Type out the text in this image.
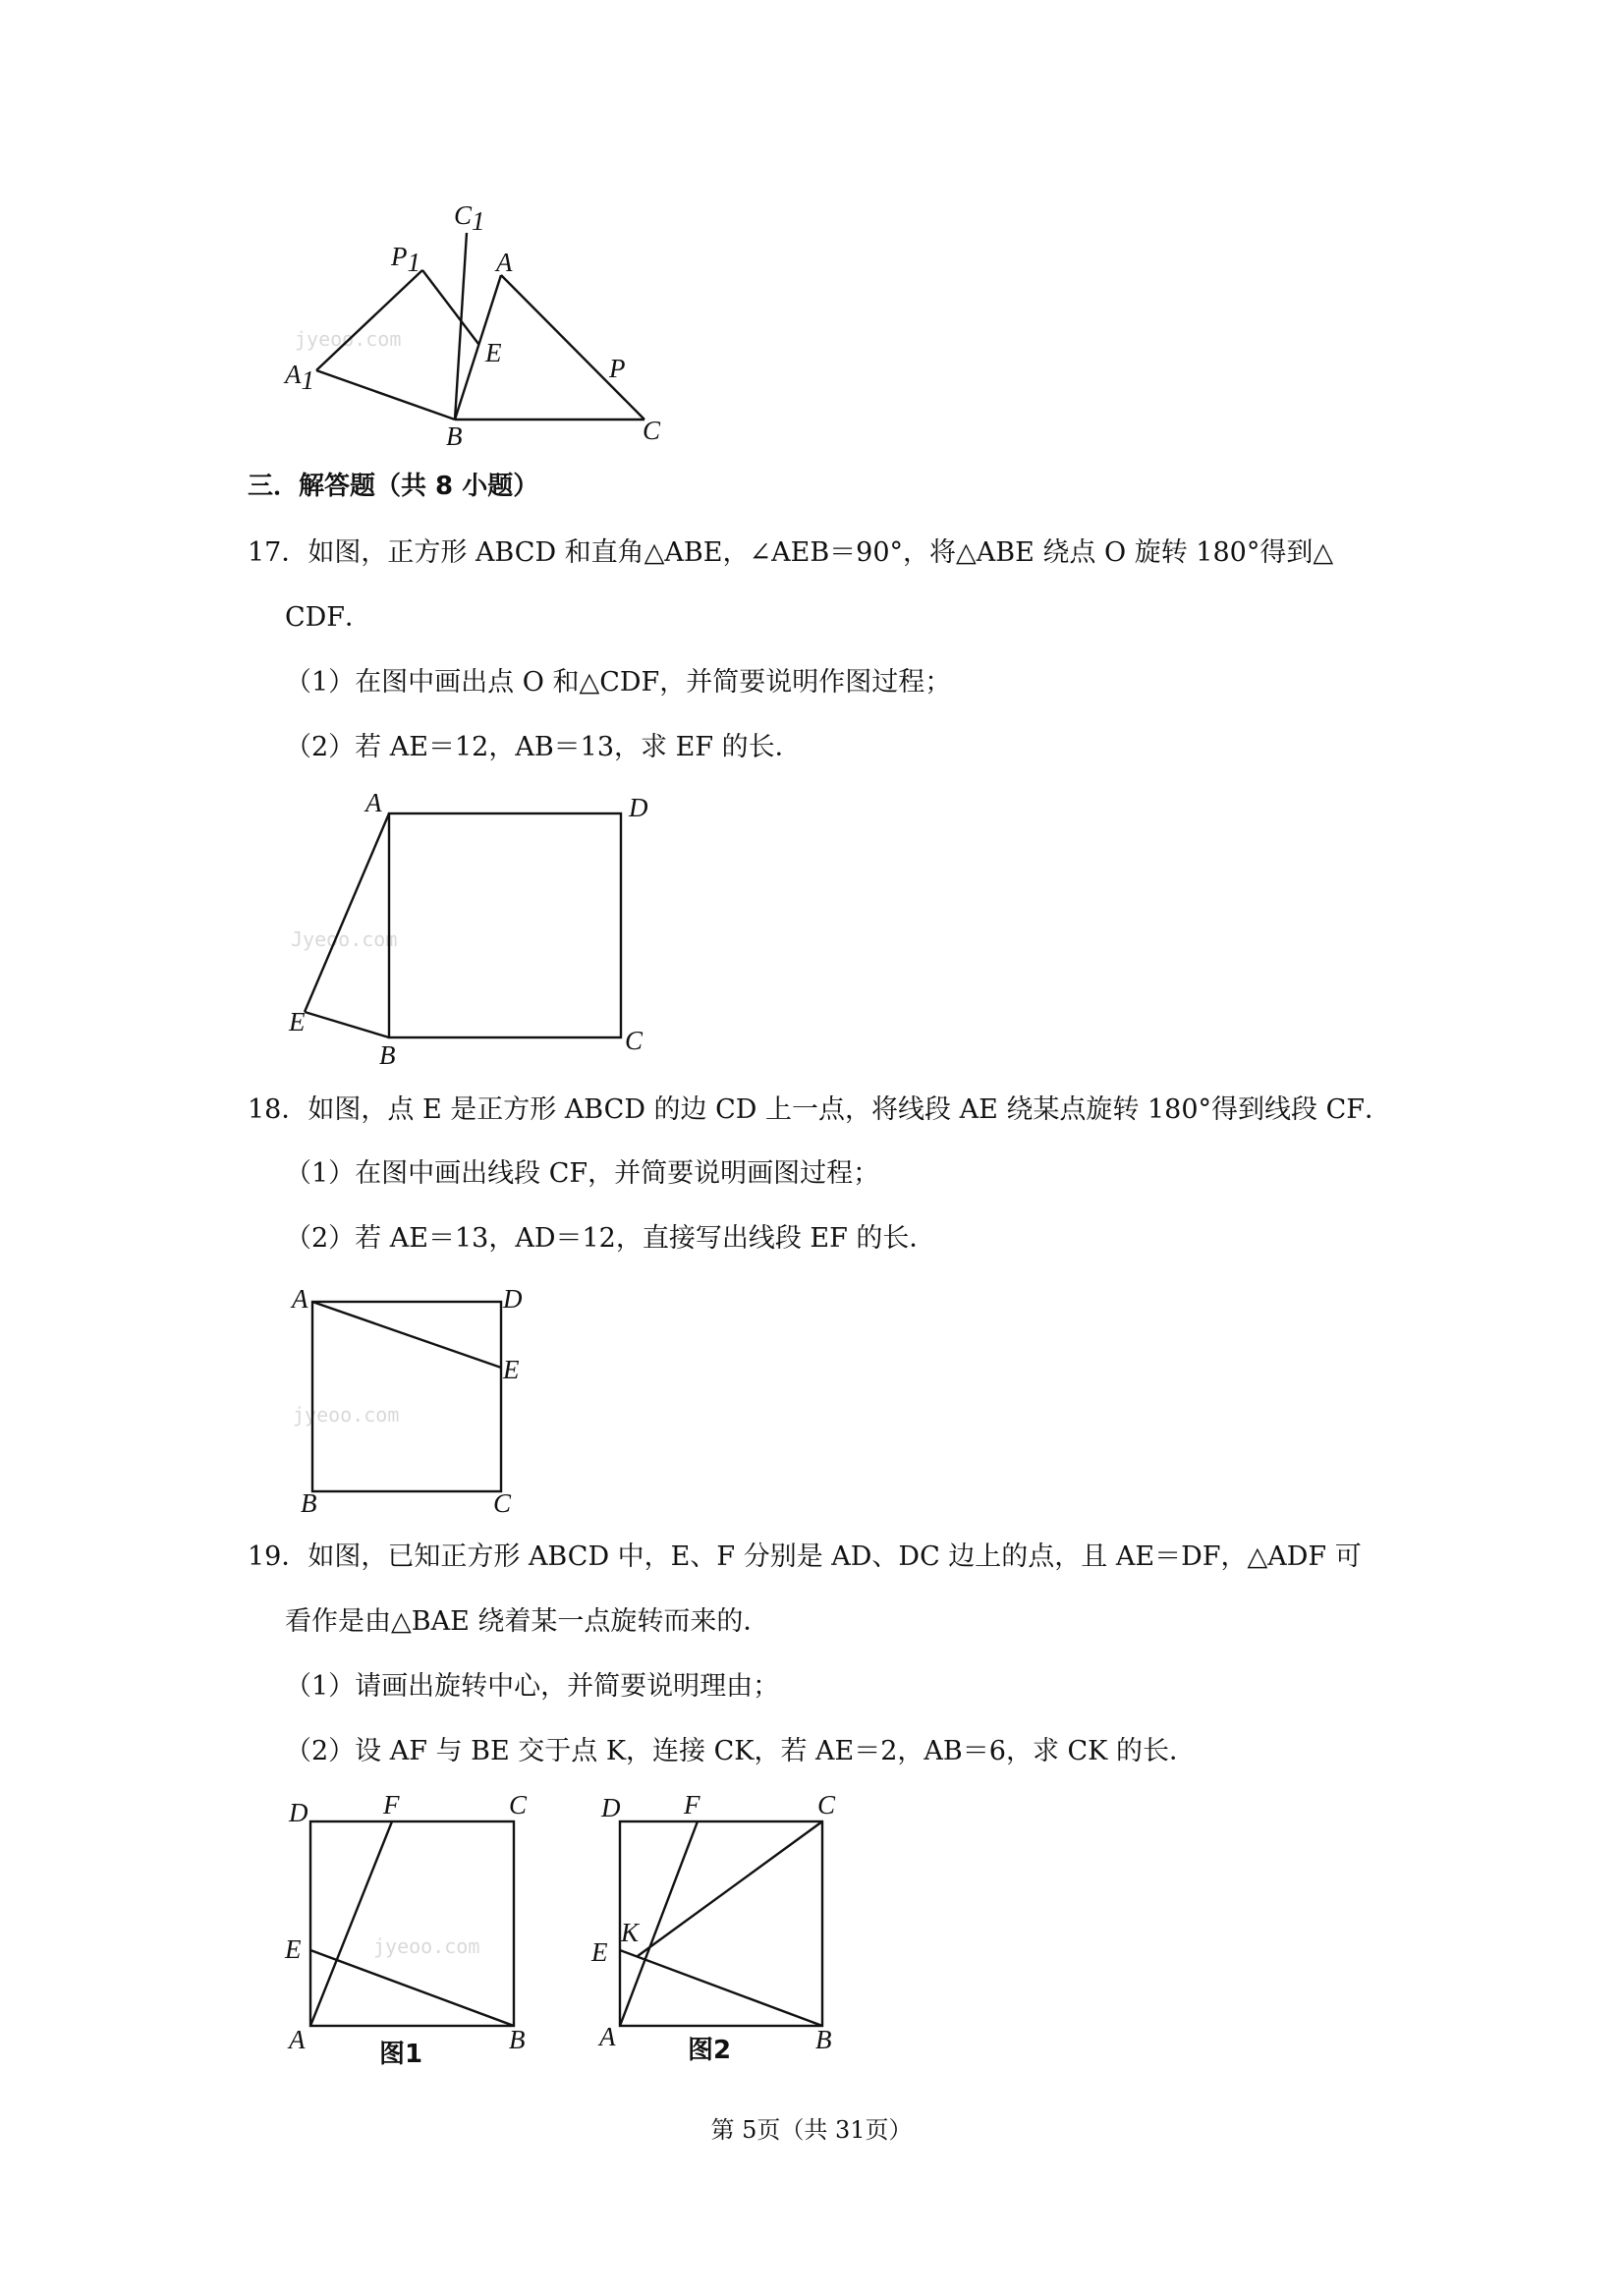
jyeoo.com
C1
P1	A
E
A1	P
B	C
三．解答题（共 8 小题）
17．如图，正方形 ABCD 和直角△ABE，∠AEB＝90°，将△ABE 绕点 O 旋转 180°得到△
CDF．
（1）在图中画出点 O 和△CDF，并简要说明作图过程；
（2）若 AE＝12，AB＝13，求 EF 的长．
Jyeoo.com
A	D
E
B	C
18．如图，点 E 是正方形 ABCD 的边 CD 上一点，将线段 AE 绕某点旋转 180°得到线段 CF．
（1）在图中画出线段 CF，并简要说明画图过程；
（2）若 AE＝13，AD＝12，直接写出线段 EF 的长．
jyeoo.com
A	D
E
B	C
19．如图，已知正方形 ABCD 中，E、F 分别是 AD、DC 边上的点，且 AE＝DF，△ADF 可
看作是由△BAE 绕着某一点旋转而来的．
（1）请画出旋转中心，并简要说明理由；
（2）设 AF 与 BE 交于点 K，连接 CK，若 AE＝2，AB＝6，求 CK 的长．
jyeoo.com
D	F	C
E
A	B
图1
D F	C
K
E
A	B
图2
第 5页（共 31页）
